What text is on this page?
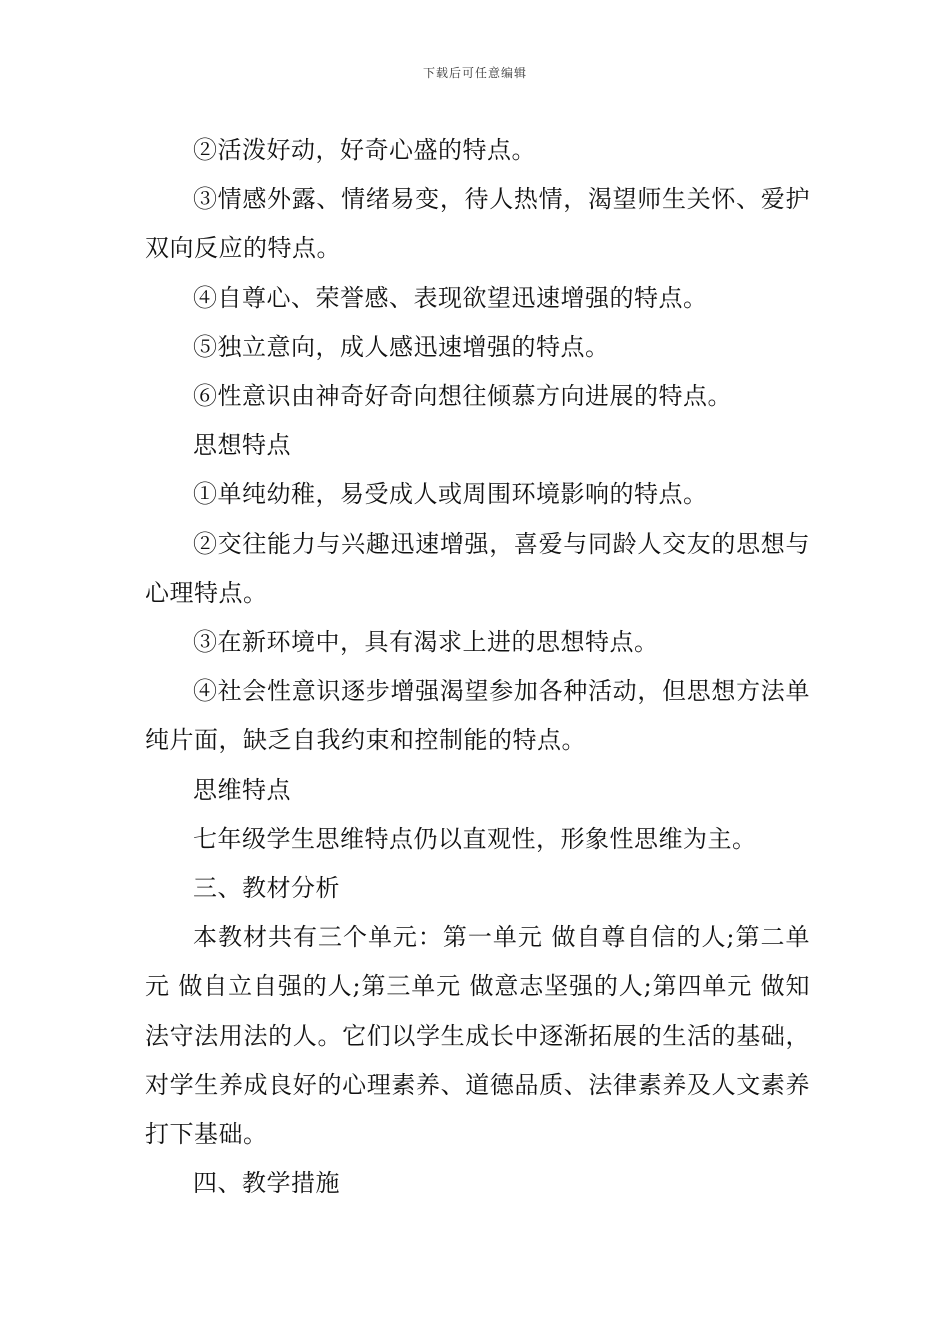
下载后可任意编辑

②活泼好动，好奇心盛的特点。

③情感外露、情绪易变，待人热情，渴望师生关怀、爱护双向反应的特点。

④自尊心、荣誉感、表现欲望迅速增强的特点。

⑤独立意向，成人感迅速增强的特点。

⑥性意识由神奇好奇向想往倾慕方向进展的特点。

思想特点

①单纯幼稚，易受成人或周围环境影响的特点。

②交往能力与兴趣迅速增强，喜爱与同龄人交友的思想与心理特点。

③在新环境中，具有渴求上进的思想特点。

④社会性意识逐步增强渴望参加各种活动，但思想方法单纯片面，缺乏自我约束和控制能的特点。

思维特点

七年级学生思维特点仍以直观性，形象性思维为主。

三、教材分析

本教材共有三个单元：第一单元 做自尊自信的人;第二单元 做自立自强的人;第三单元 做意志坚强的人;第四单元 做知法守法用法的人。它们以学生成长中逐渐拓展的生活的基础，对学生养成良好的心理素养、道德品质、法律素养及人文素养打下基础。

四、教学措施
